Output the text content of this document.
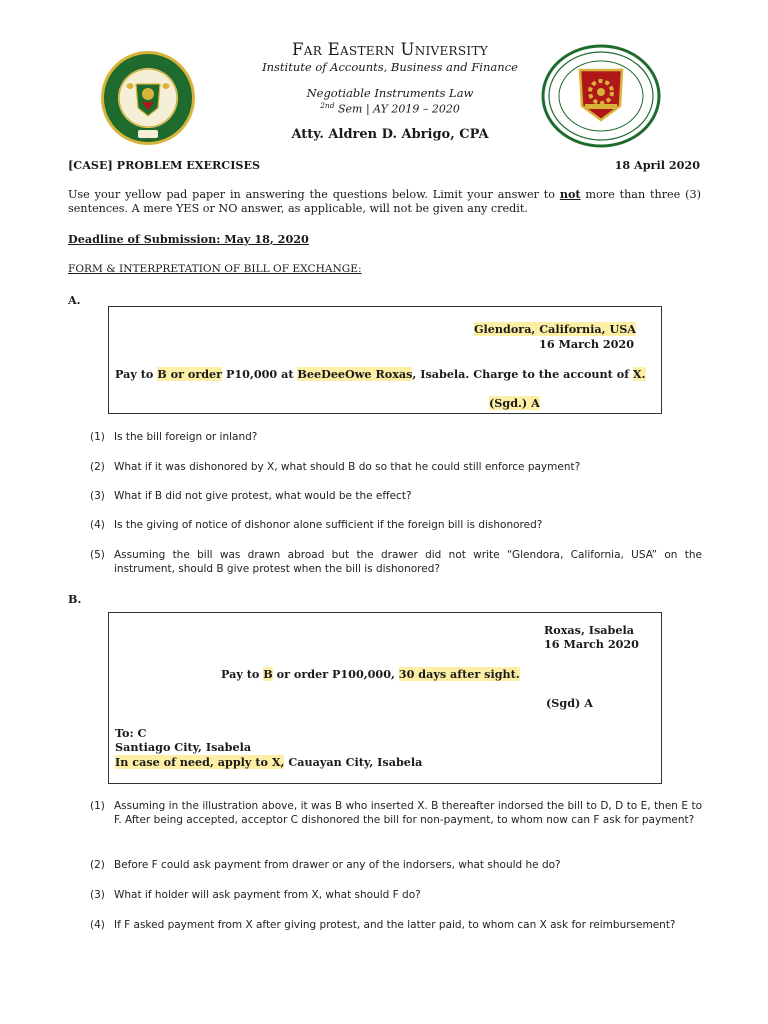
Far Eastern University
Institute of Accounts, Business and Finance
Negotiable Instruments Law
$^{2nd}$ Sem | AY 2019 – 2020
Atty. Aldren D. Abrigo, CPA
[CASE] PROBLEM EXERCISES	18 April 2020
Use your yellow pad paper in answering the questions below. Limit your answer to not more than three (3) sentences. A mere YES or NO answer, as applicable, will not be given any credit.
Deadline of Submission: May 18, 2020
FORM & INTERPRETATION OF BILL OF EXCHANGE:
A.
Glendora, California, USA
16 March 2020
Pay to B or order P10,000 at BeeDeeOwe Roxas, Isabela. Charge to the account of X.
(Sgd.) A
(1) Is the bill foreign or inland?
(2) What if it was dishonored by X, what should B do so that he could still enforce payment?
(3) What if B did not give protest, what would be the effect?
(4) Is the giving of notice of dishonor alone sufficient if the foreign bill is dishonored?
(5) Assuming the bill was drawn abroad but the drawer did not write “Glendora, California, USA” on the instrument, should B give protest when the bill is dishonored?
B.
Roxas, Isabela
16 March 2020
Pay to B or order P100,000, 30 days after sight.
(Sgd) A
To: C
Santiago City, Isabela
In case of need, apply to X, Cauayan City, Isabela
(1) Assuming in the illustration above, it was B who inserted X. B thereafter indorsed the bill to D, D to E, then E to F. After being accepted, acceptor C dishonored the bill for non-payment, to whom now can F ask for payment?
(2) Before F could ask payment from drawer or any of the indorsers, what should he do?
(3) What if holder will ask payment from X, what should F do?
(4) If F asked payment from X after giving protest, and the latter paid, to whom can X ask for reimbursement?
